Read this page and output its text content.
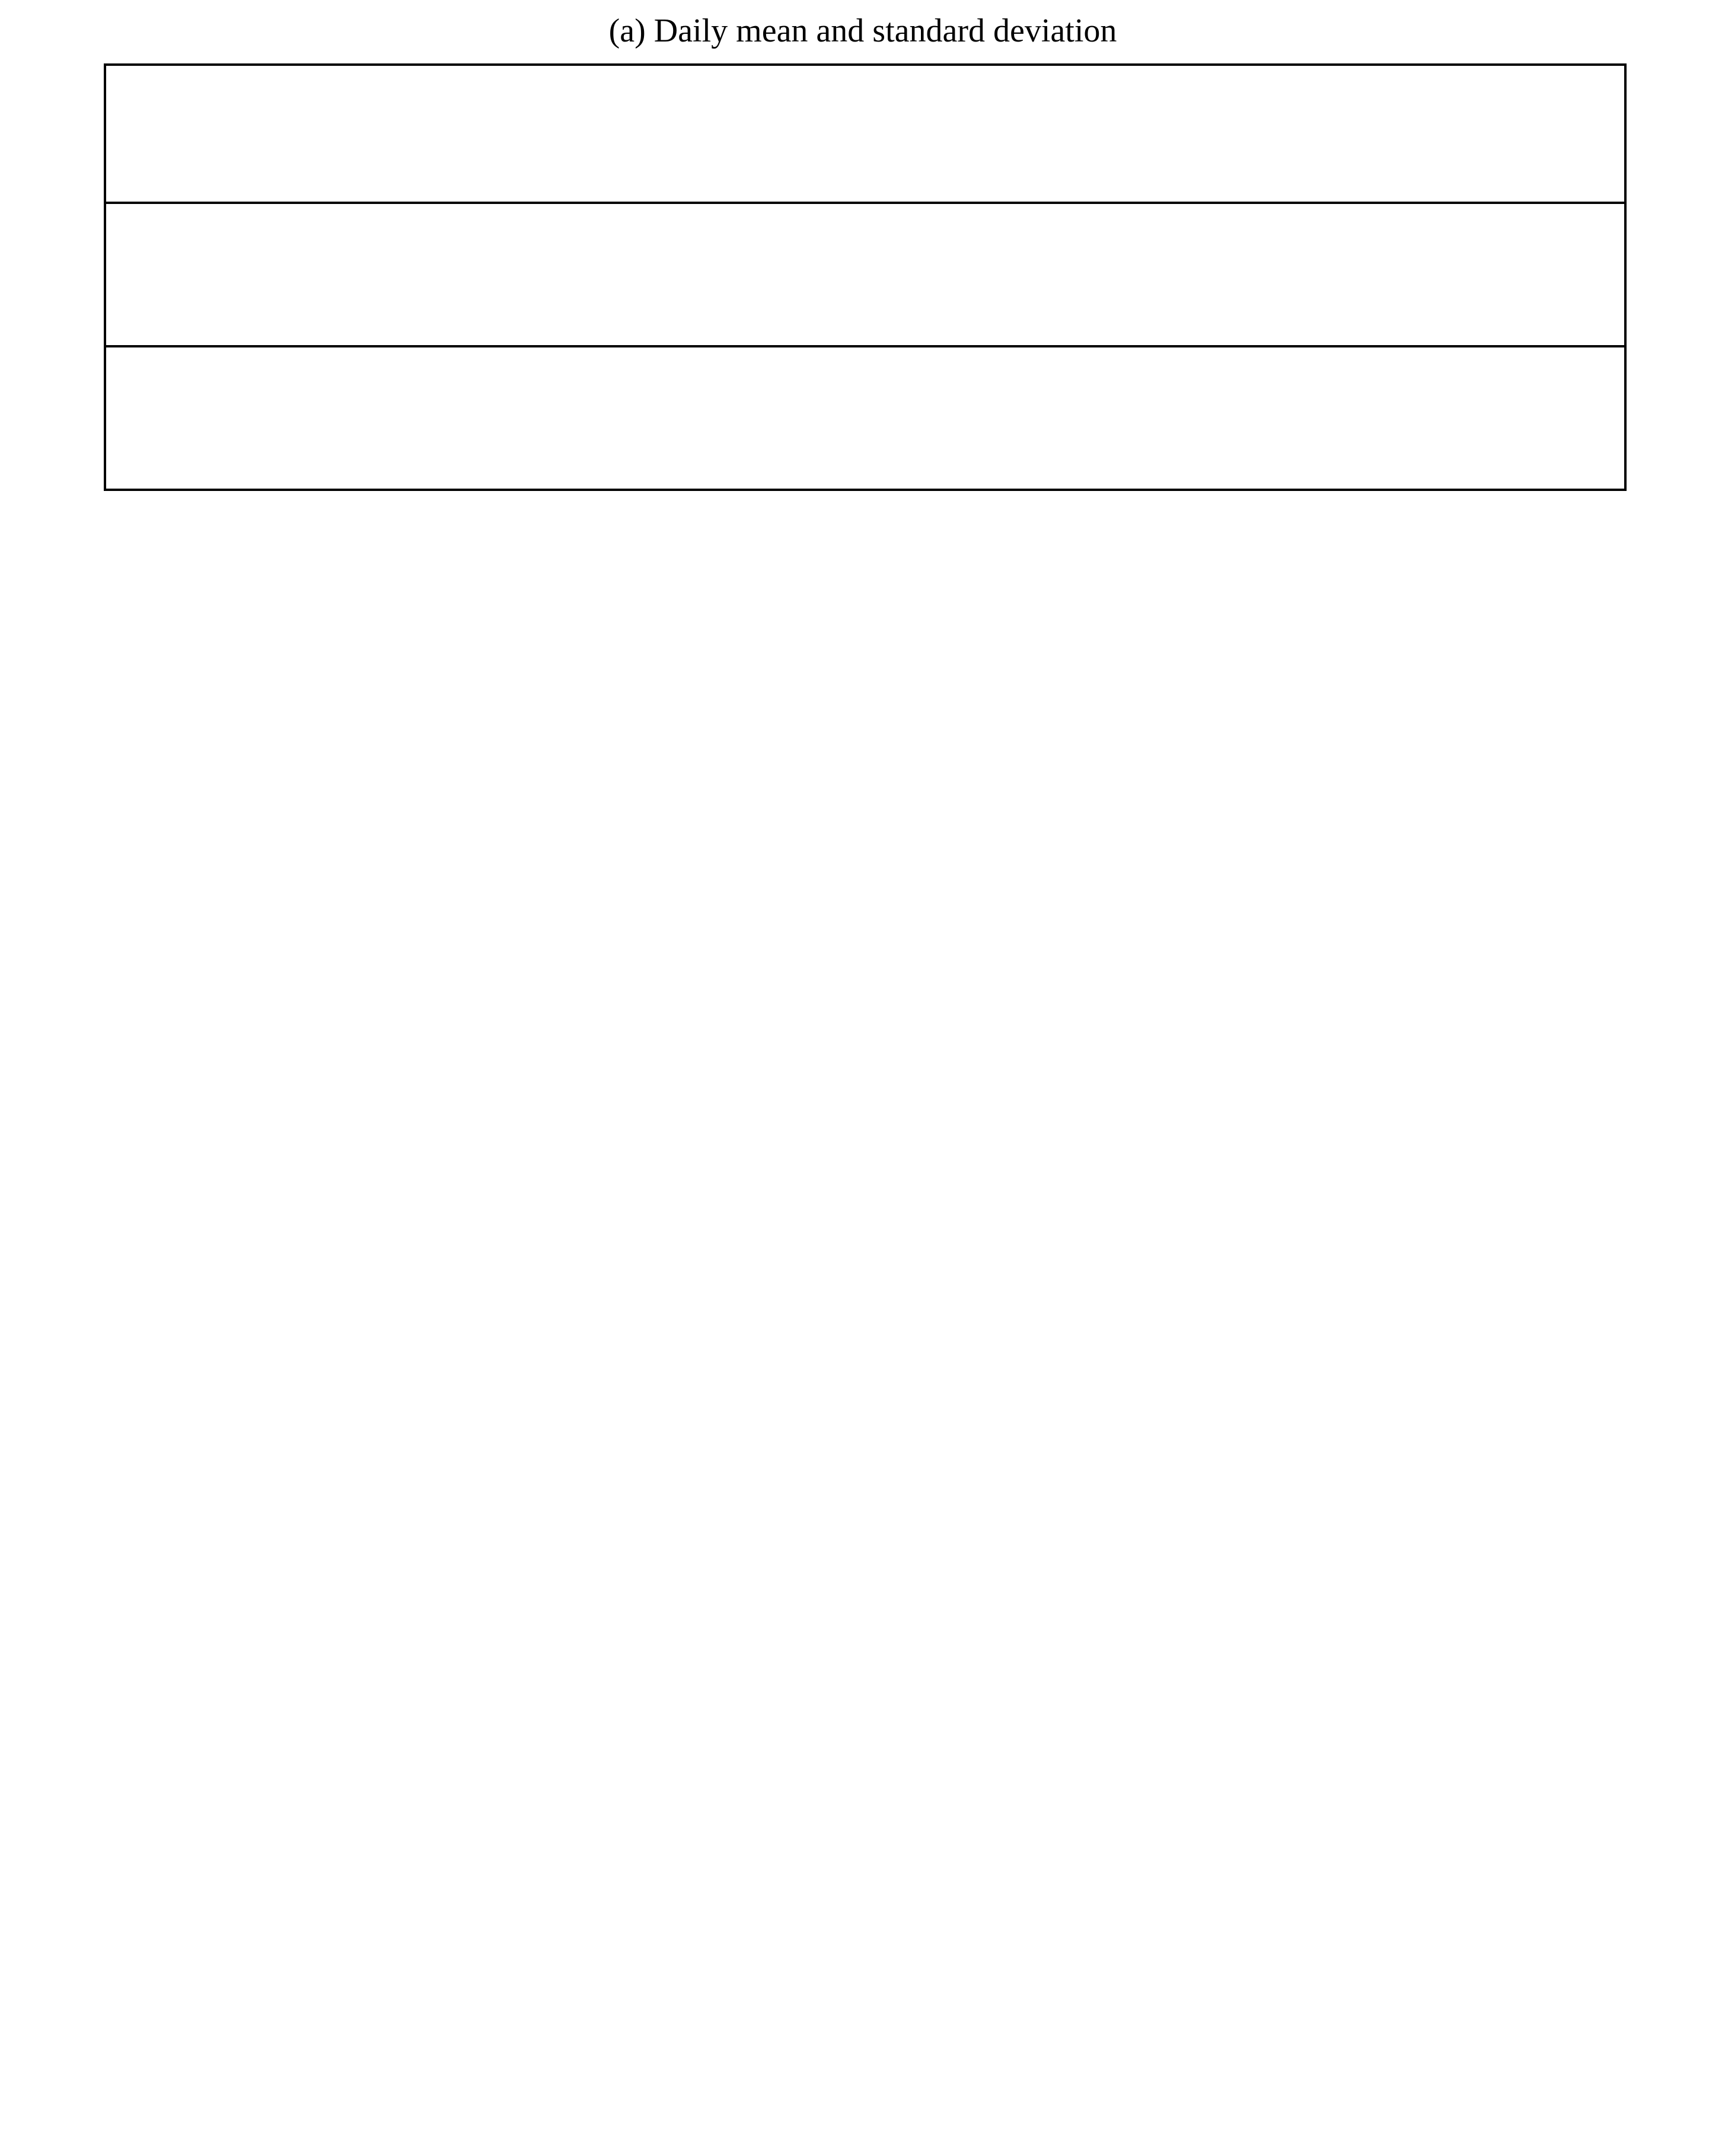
(a) Daily mean and standard deviation
